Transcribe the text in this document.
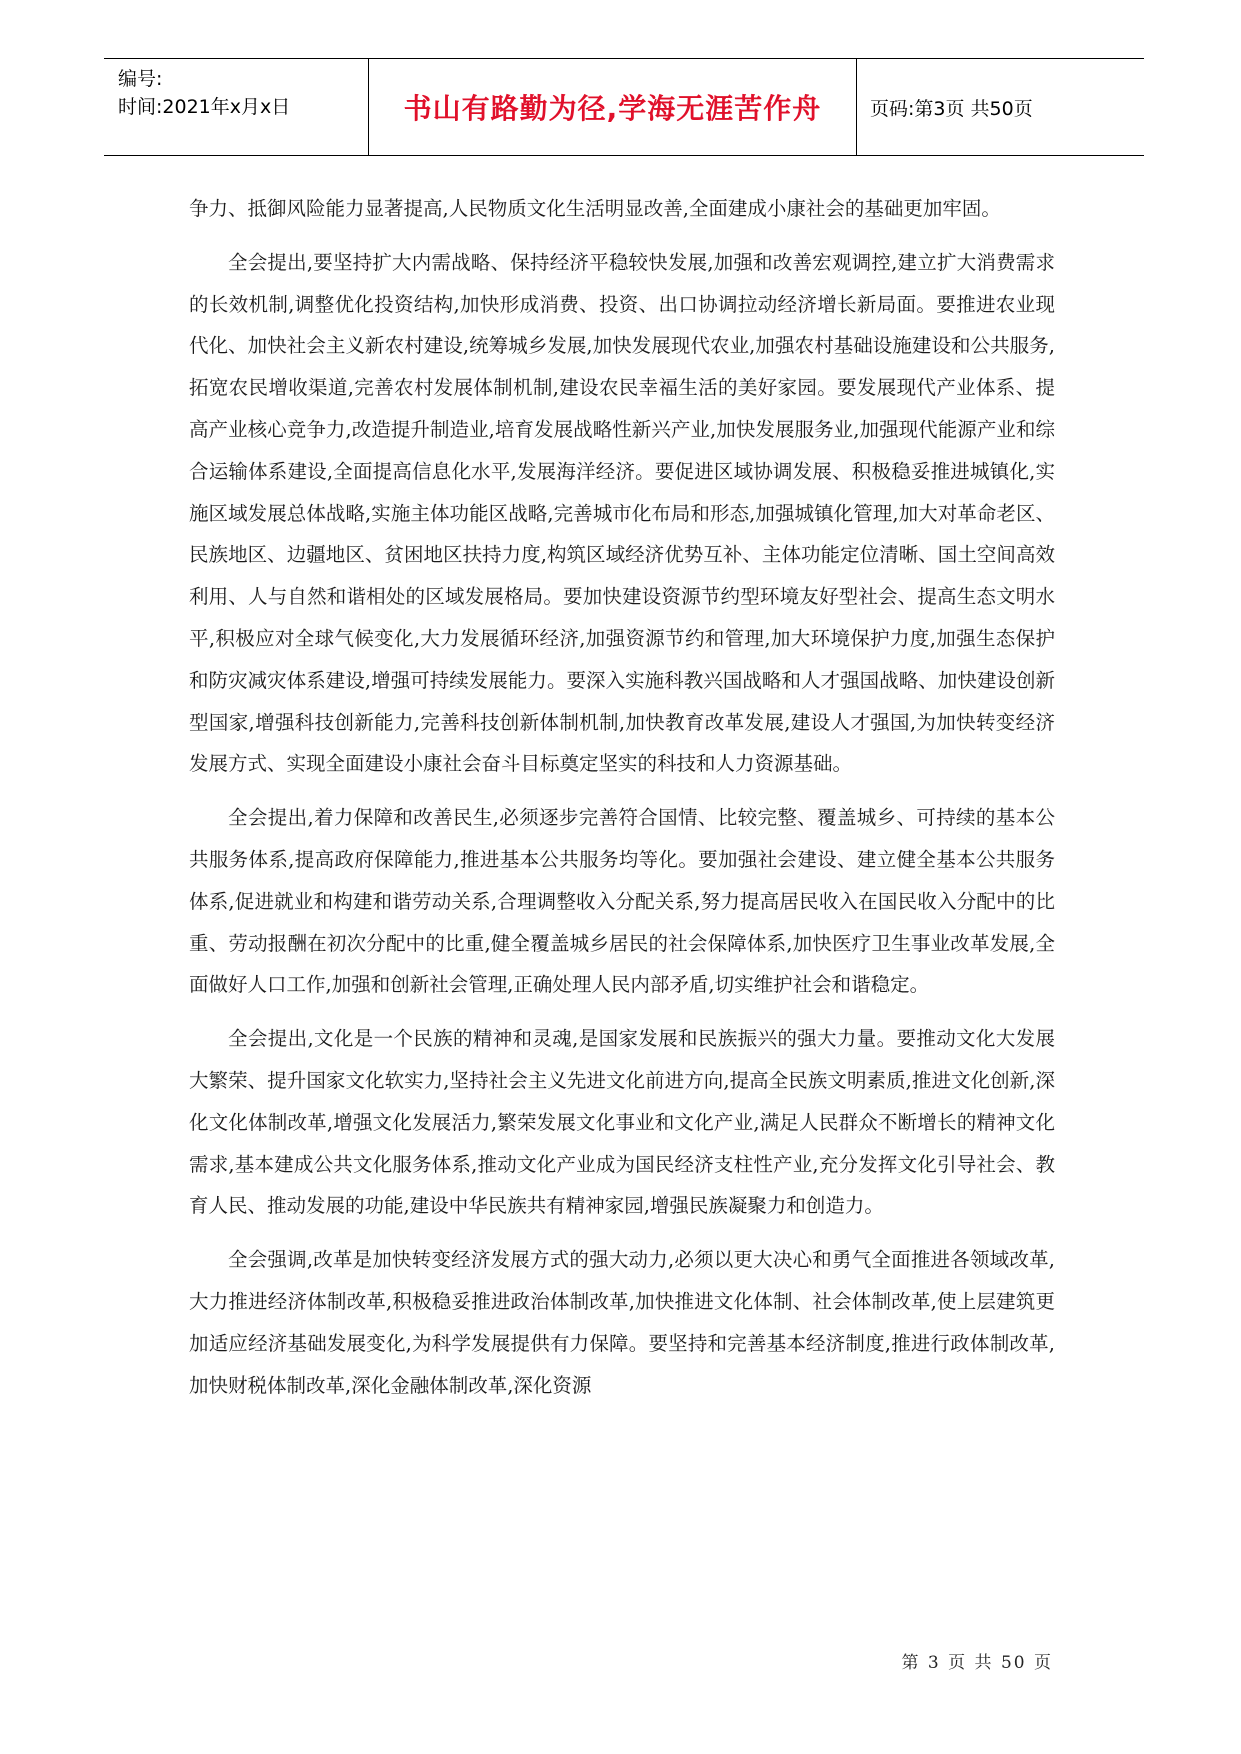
编号:
时间:2021年x月x日	书山有路勤为径,学海无涯苦作舟	页码:第3页 共50页

争力、抵御风险能力显著提高,人民物质文化生活明显改善,全面建成小康社会的基础更加牢固。

全会提出,要坚持扩大内需战略、保持经济平稳较快发展,加强和改善宏观调控,建立扩大消费需求的长效机制,调整优化投资结构,加快形成消费、投资、出口协调拉动经济增长新局面。要推进农业现代化、加快社会主义新农村建设,统筹城乡发展,加快发展现代农业,加强农村基础设施建设和公共服务,拓宽农民增收渠道,完善农村发展体制机制,建设农民幸福生活的美好家园。要发展现代产业体系、提高产业核心竞争力,改造提升制造业,培育发展战略性新兴产业,加快发展服务业,加强现代能源产业和综合运输体系建设,全面提高信息化水平,发展海洋经济。要促进区域协调发展、积极稳妥推进城镇化,实施区域发展总体战略,实施主体功能区战略,完善城市化布局和形态,加强城镇化管理,加大对革命老区、民族地区、边疆地区、贫困地区扶持力度,构筑区域经济优势互补、主体功能定位清晰、国土空间高效利用、人与自然和谐相处的区域发展格局。要加快建设资源节约型环境友好型社会、提高生态文明水平,积极应对全球气候变化,大力发展循环经济,加强资源节约和管理,加大环境保护力度,加强生态保护和防灾减灾体系建设,增强可持续发展能力。要深入实施科教兴国战略和人才强国战略、加快建设创新型国家,增强科技创新能力,完善科技创新体制机制,加快教育改革发展,建设人才强国,为加快转变经济发展方式、实现全面建设小康社会奋斗目标奠定坚实的科技和人力资源基础。

全会提出,着力保障和改善民生,必须逐步完善符合国情、比较完整、覆盖城乡、可持续的基本公共服务体系,提高政府保障能力,推进基本公共服务均等化。要加强社会建设、建立健全基本公共服务体系,促进就业和构建和谐劳动关系,合理调整收入分配关系,努力提高居民收入在国民收入分配中的比重、劳动报酬在初次分配中的比重,健全覆盖城乡居民的社会保障体系,加快医疗卫生事业改革发展,全面做好人口工作,加强和创新社会管理,正确处理人民内部矛盾,切实维护社会和谐稳定。

全会提出,文化是一个民族的精神和灵魂,是国家发展和民族振兴的强大力量。要推动文化大发展大繁荣、提升国家文化软实力,坚持社会主义先进文化前进方向,提高全民族文明素质,推进文化创新,深化文化体制改革,增强文化发展活力,繁荣发展文化事业和文化产业,满足人民群众不断增长的精神文化需求,基本建成公共文化服务体系,推动文化产业成为国民经济支柱性产业,充分发挥文化引导社会、教育人民、推动发展的功能,建设中华民族共有精神家园,增强民族凝聚力和创造力。

全会强调,改革是加快转变经济发展方式的强大动力,必须以更大决心和勇气全面推进各领域改革,大力推进经济体制改革,积极稳妥推进政治体制改革,加快推进文化体制、社会体制改革,使上层建筑更加适应经济基础发展变化,为科学发展提供有力保障。要坚持和完善基本经济制度,推进行政体制改革,加快财税体制改革,深化金融体制改革,深化资源

第 3 页 共 50 页
